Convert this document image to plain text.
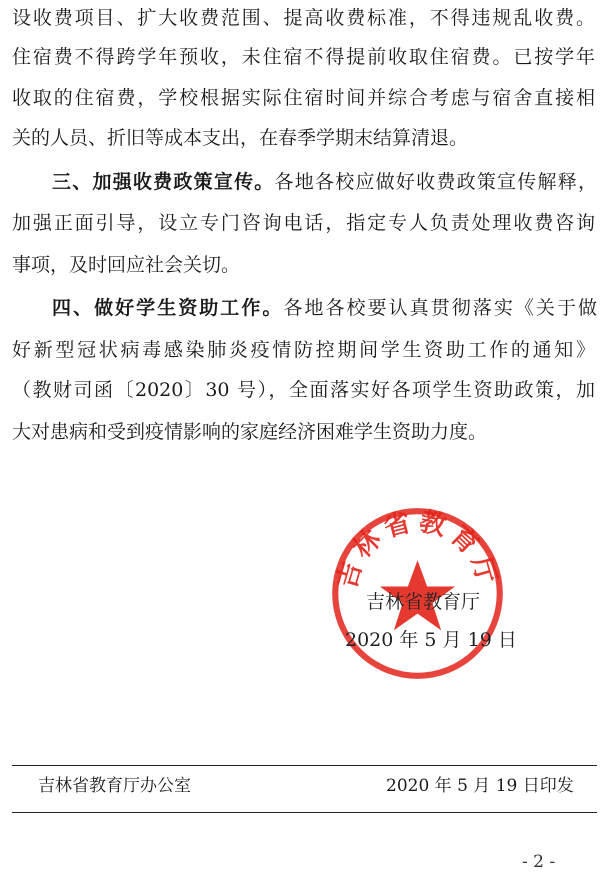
设收费项目、扩大收费范围、提高收费标准，不得违规乱收费。
住宿费不得跨学年预收，未住宿不得提前收取住宿费。已按学年
收取的住宿费，学校根据实际住宿时间并综合考虑与宿舍直接相
关的人员、折旧等成本支出，在春季学期末结算清退。
三、加强收费政策宣传。各地各校应做好收费政策宣传解释，
加强正面引导，设立专门咨询电话，指定专人负责处理收费咨询
事项，及时回应社会关切。
四、做好学生资助工作。各地各校要认真贯彻落实《关于做
好新型冠状病毒感染肺炎疫情防控期间学生资助工作的通知》
（教财司函〔2020〕30 号），全面落实好各项学生资助政策，加
大对患病和受到疫情影响的家庭经济困难学生资助力度。
吉林省教育厅
吉林省教育厅
2020 年 5 月 19 日
吉林省教育厅办公室	2020 年 5 月 19 日印发
- 2 -
